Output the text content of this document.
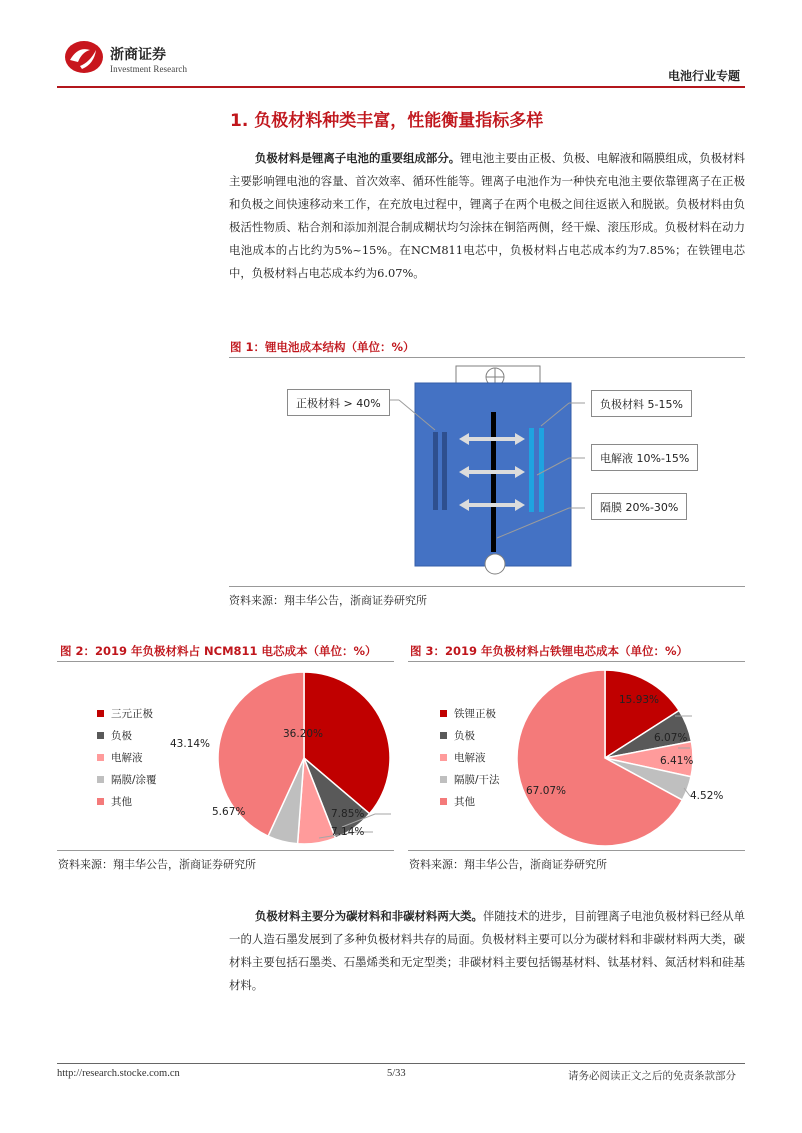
浙商证券
Investment Research	电池行业专题
1. 负极材料种类丰富，性能衡量指标多样
负极材料是锂离子电池的重要组成部分。锂电池主要由正极、负极、电解液和隔膜组成，负极材料主要影响锂电池的容量、首次效率、循环性能等。锂离子电池作为一种快充电池主要依靠锂离子在正极和负极之间快速移动来工作，在充放电过程中，锂离子在两个电极之间往返嵌入和脱嵌。负极材料由负极活性物质、粘合剂和添加剂混合制成糊状均匀涂抹在铜箔两侧，经干燥、滚压形成。负极材料在动力电池成本的占比约为5%~15%。在NCM811电芯中，负极材料占电芯成本约为7.85%；在铁锂电芯中，负极材料占电芯成本约为6.07%。
图 1：锂电池成本结构（单位：%）
正极材料 > 40%	负极材料 5-15%
电解液 10%-15%
隔膜 20%-30%
资料来源：翔丰华公告，浙商证券研究所
图 2：2019 年负极材料占 NCM811 电芯成本（单位：%）
三元正极
负极
电解液
隔膜/涂覆
其他
36.20%
7.85%
7.14%
5.67%
43.14%
资料来源：翔丰华公告，浙商证券研究所
图 3：2019 年负极材料占铁锂电芯成本（单位：%）
铁锂正极
负极
电解液
隔膜/干法
其他
15.93%
6.07%
6.41%
4.52%
67.07%
资料来源：翔丰华公告，浙商证券研究所
负极材料主要分为碳材料和非碳材料两大类。伴随技术的进步，目前锂离子电池负极材料已经从单一的人造石墨发展到了多种负极材料共存的局面。负极材料主要可以分为碳材料和非碳材料两大类，碳材料主要包括石墨类、石墨烯类和无定型类；非碳材料主要包括锡基材料、钛基材料、氮活材料和硅基材料。
http://research.stocke.com.cn	5/33	请务必阅读正文之后的免责条款部分
